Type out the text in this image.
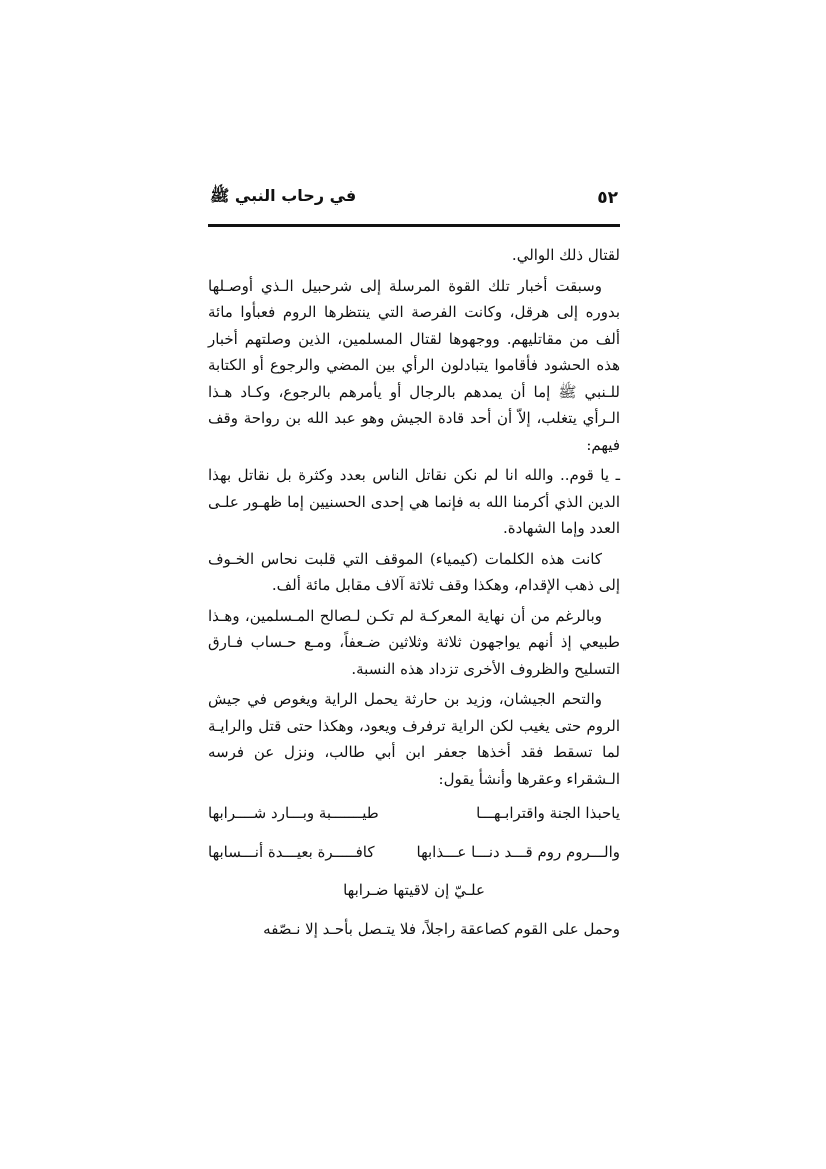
٥٢
في رحاب النبي ﷺ

لقتال ذلك الوالي.

وسبقت أخبار تلك القوة المرسلة إلى شرحبيل الـذي أوصـلها بدوره إلى هرقل، وكانت الفرصة التي ينتظرها الروم فعبأوا مائة ألف من مقاتليهم. ووجهوها لقتال المسلمين، الذين وصلتهم أخبار هذه الحشود فأقاموا يتبادلون الرأي بين المضي والرجوع أو الكتابة للـنبي ﷺ إما أن يمدهم بالرجال أو يأمرهم بالرجوع، وكـاد هـذا الـرأي يتغلب، إلاّ أن أحد قادة الجيش وهو عبد الله بن رواحة وقف فيهم:

ـ يا قوم.. والله انا لم نكن نقاتل الناس بعدد وكثرة بل نقاتل بهذا الدين الذي أكرمنا الله به فإنما هي إحدى الحسنيين إما ظهـور علـى العدد وإما الشهادة.

كانت هذه الكلمات (كيمياء) الموقف التي قلبت نحاس الخـوف إلى ذهب الإقدام، وهكذا وقف ثلاثة آلاف مقابل مائة ألف.

وبالرغم من أن نهاية المعركـة لم تكـن لـصالح المـسلمين، وهـذا طبيعي إذ أنهم يواجهون ثلاثة وثلاثين ضـعفاً، ومـع حـساب فـارق التسليح والظروف الأخرى تزداد هذه النسبة.

والتحم الجيشان، وزيد بن حارثة يحمل الراية ويغوص في جيش الروم حتى يغيب لكن الراية ترفرف ويعود، وهكذا حتى قتل والرايـة لما تسقط فقد أخذها جعفر ابن أبي طالب، ونزل عن فرسه الـشقراء وعقرها وأنشأ يقول:

ياحبذا الجنة واقترابـهـــا
طيـــــــبة وبـــارد شــــرابها
والـــروم روم قـــد دنـــا عـــذابها
كافـــــرة بعيـــدة أنـــسابها
علـيّ إن لاقيتها ضـرابها

وحمل على القوم كصاعقة راجلاً، فلا يتـصل بأحـد إلا نـصّفه
